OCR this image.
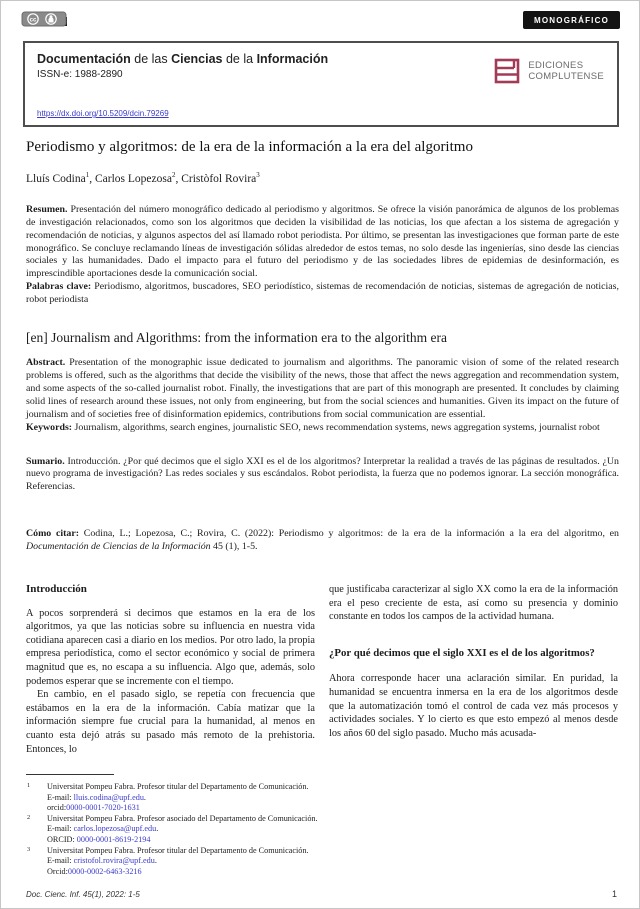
cc	MONOGRÁFICO
Documentación de las Ciencias de la Información
ISSN-e: 1988-2890
https://dx.doi.org/10.5209/dcin.79269
EDICIONES
COMPLUTENSE
Periodismo y algoritmos: de la era de la información a la era del algoritmo
Lluís Codina$^1$, Carlos Lopezosa$^2$, Cristòfol Rovira$^3$

Resumen. Presentación del número monográfico dedicado al periodismo y algoritmos. Se ofrece la visión panorámica de algunos de los problemas de investigación relacionados, como son los algoritmos que deciden la visibilidad de las noticias, los que afectan a los sistema de agregación y recomendación de noticias, y algunos aspectos del así llamado robot periodista. Por último, se presentan las investigaciones que forman parte de este monográfico. Se concluye reclamando líneas de investigación sólidas alrededor de estos temas, no solo desde las ingenierías, sino desde las ciencias sociales y las humanidades. Dado el impacto para el futuro del periodismo y de las sociedades libres de epidemias de desinformación, es imprescindible aportaciones desde la comunicación social.

Palabras clave: Periodismo, algoritmos, buscadores, SEO periodístico, sistemas de recomendación de noticias, sistemas de agregación de noticias, robot periodista

[en] Journalism and Algorithms: from the information era to the algorithm era

Abstract. Presentation of the monographic issue dedicated to journalism and algorithms. The panoramic vision of some of the related research problems is offered, such as the algorithms that decide the visibility of the news, those that affect the news aggregation and recommendation system, and some aspects of the so-called journalist robot. Finally, the investigations that are part of this monograph are presented. It concludes by claiming solid lines of research around these issues, not only from engineering, but from the social sciences and humanities. Given its impact on the future of journalism and of societies free of disinformation epidemics, contributions from social communication are essential.

Keywords: Journalism, algorithms, search engines, journalistic SEO, news recommendation systems, news aggregation systems, journalist robot

Sumario. Introducción. ¿Por qué decimos que el siglo XXI es el de los algoritmos? Interpretar la realidad a través de las páginas de resultados. ¿Un nuevo programa de investigación? Las redes sociales y sus escándalos. Robot periodista, la fuerza que no podemos ignorar. La sección monográfica. Referencias.

Cómo citar: Codina, L.; Lopezosa, C.; Rovira, C. (2022): Periodismo y algoritmos: de la era de la información a la era del algoritmo, en Documentación de Ciencias de la Información 45 (1), 1-5.

Introducción

A pocos sorprenderá si decimos que estamos en la era de los algoritmos, ya que las noticias sobre su influencia en nuestra vida cotidiana aparecen casi a diario en los medios. Por otro lado, la propia empresa periodística, como el sector económico y social de primera magnitud que es, no escapa a su influencia. Algo que, además, solo podemos esperar que se incremente con el tiempo.

En cambio, en el pasado siglo, se repetía con frecuencia que estábamos en la era de la información. Cabía matizar que la información siempre fue crucial para la humanidad, al menos en cuanto esta dejó atrás su pasado más remoto de la prehistoria. Entonces, lo

que justificaba caracterizar al siglo XX como la era de la información era el peso creciente de esta, así como su presencia y dominio constante en todos los campos de la actividad humana.

¿Por qué decimos que el siglo XXI es el de los algoritmos?

Ahora corresponde hacer una aclaración similar. En puridad, la humanidad se encuentra inmersa en la era de los algoritmos desde que la automatización tomó el control de cada vez más procesos y actividades sociales. Y lo cierto es que esto empezó al menos desde los años 60 del siglo pasado. Mucho más acusada-

1 Universitat Pompeu Fabra. Profesor titular del Departamento de Comunicación.
E-mail: lluis.codina@upf.edu.
orcid:0000-0001-7020-1631
2 Universitat Pompeu Fabra. Profesor asociado del Departamento de Comunicación.
E-mail: carlos.lopezosa@upf.edu.
ORCID: 0000-0001-8619-2194
3 Universitat Pompeu Fabra. Profesor titular del Departamento de Comunicación.
E-mail: cristofol.rovira@upf.edu.
Orcid:0000-0002-6463-3216
Doc. Cienc. Inf. 45(1), 2022: 1-5	1
